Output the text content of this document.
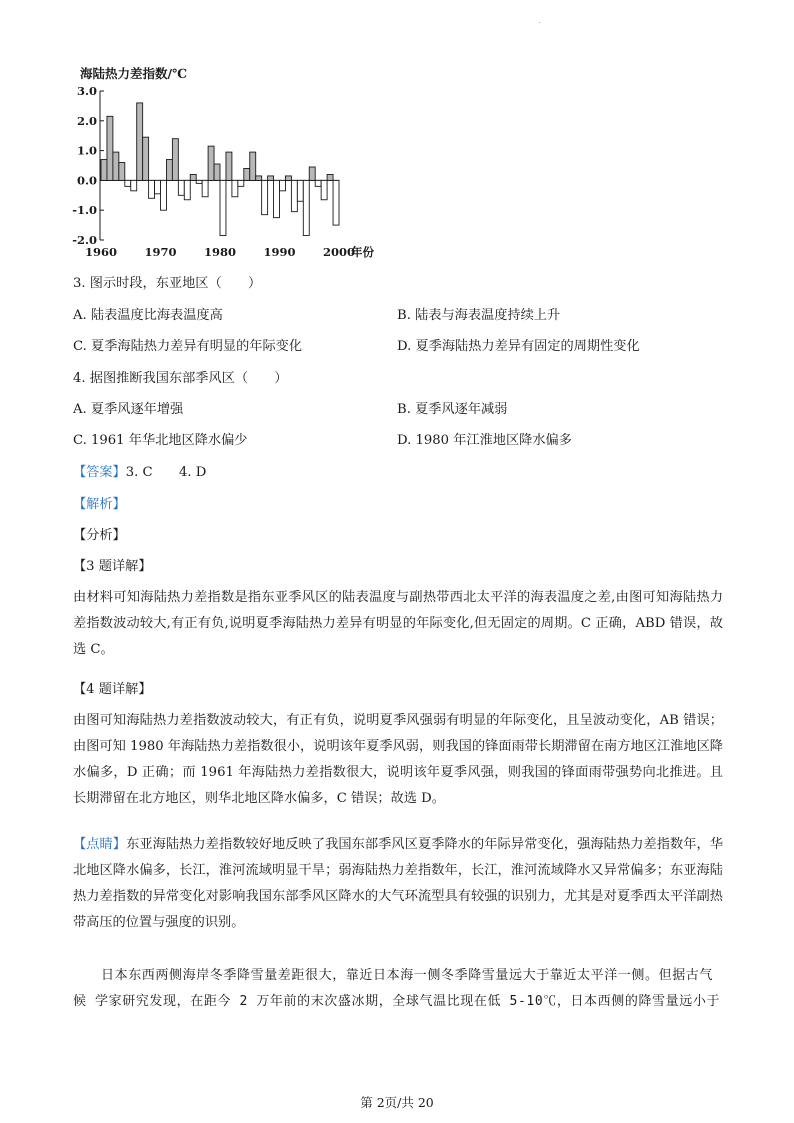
.
海陆热力差指数/℃
3.0
2.0
1.0
0.0
-1.0
-2.0
1960 1970 1980 1990 2000
年份
3. 图示时段，东亚地区（　　）
A. 陆表温度比海表温度高	B. 陆表与海表温度持续上升
C. 夏季海陆热力差异有明显的年际变化	D. 夏季海陆热力差异有固定的周期性变化
4. 据图推断我国东部季风区（　　）
A. 夏季风逐年增强	B. 夏季风逐年减弱
C. 1961 年华北地区降水偏少	D. 1980 年江淮地区降水偏多
【答案】3. C　　4. D
【解析】
【分析】
【3 题详解】
由材料可知海陆热力差指数是指东亚季风区的陆表温度与副热带西北太平洋的海表温度之差,由图可知海陆热力差指数波动较大,有正有负,说明夏季海陆热力差异有明显的年际变化,但无固定的周期。C 正确，ABD 错误，故选 C。
【4 题详解】
由图可知海陆热力差指数波动较大，有正有负，说明夏季风强弱有明显的年际变化，且呈波动变化，AB 错误；由图可知 1980 年海陆热力差指数很小，说明该年夏季风弱，则我国的锋面雨带长期滞留在南方地区江淮地区降水偏多，D 正确；而 1961 年海陆热力差指数很大，说明该年夏季风强，则我国的锋面雨带强势向北推进。且长期滞留在北方地区，则华北地区降水偏多，C 错误；故选 D。
【点睛】东亚海陆热力差指数较好地反映了我国东部季风区夏季降水的年际异常变化，强海陆热力差指数年，华北地区降水偏多，长江，淮河流域明显干旱；弱海陆热力差指数年，长江，淮河流域降水又异常偏多；东亚海陆热力差指数的异常变化对影响我国东部季风区降水的大气环流型具有较强的识别力，尤其是对夏季西太平洋副热带高压的位置与强度的识别。
日本东西两侧海岸冬季降雪量差距很大，靠近日本海一侧冬季降雪量远大于靠近太平洋一侧。但据古气候 学家研究发现，在距今 2 万年前的末次盛冰期，全球气温比现在低 5-10℃，日本西侧的降雪量远小于
第 2页/共 20
